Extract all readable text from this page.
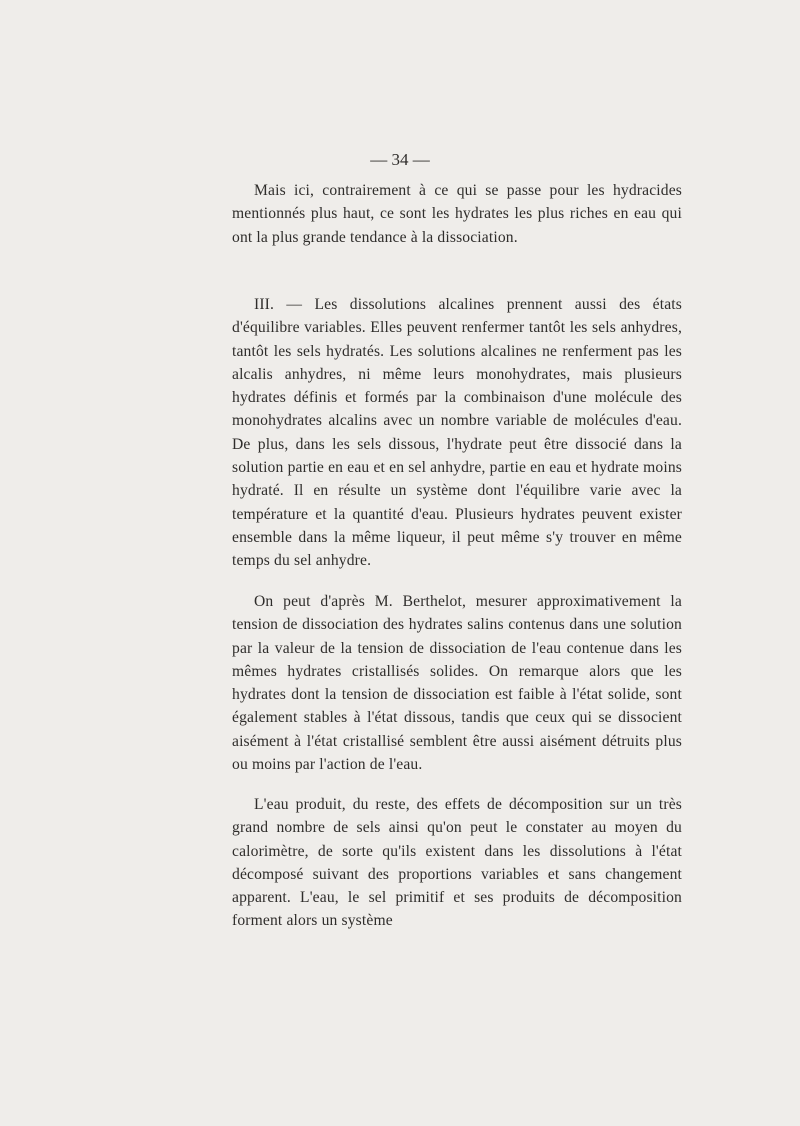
— 34 —

Mais ici, contrairement à ce qui se passe pour les hydracides mentionnés plus haut, ce sont les hydrates les plus riches en eau qui ont la plus grande tendance à la dissociation.

III. — Les dissolutions alcalines prennent aussi des états d'équilibre variables. Elles peuvent renfermer tantôt les sels anhydres, tantôt les sels hydratés. Les solutions alcalines ne renferment pas les alcalis anhydres, ni même leurs monohydrates, mais plusieurs hydrates définis et formés par la combinaison d'une molécule des monohydrates alcalins avec un nombre variable de molécules d'eau. De plus, dans les sels dissous, l'hydrate peut être dissocié dans la solution partie en eau et en sel anhydre, partie en eau et hydrate moins hydraté. Il en résulte un système dont l'équilibre varie avec la température et la quantité d'eau. Plusieurs hydrates peuvent exister ensemble dans la même liqueur, il peut même s'y trouver en même temps du sel anhydre.

On peut d'après M. Berthelot, mesurer approximativement la tension de dissociation des hydrates salins contenus dans une solution par la valeur de la tension de dissociation de l'eau contenue dans les mêmes hydrates cristallisés solides. On remarque alors que les hydrates dont la tension de dissociation est faible à l'état solide, sont également stables à l'état dissous, tandis que ceux qui se dissocient aisément à l'état cristallisé semblent être aussi aisément détruits plus ou moins par l'action de l'eau.

L'eau produit, du reste, des effets de décomposition sur un très grand nombre de sels ainsi qu'on peut le constater au moyen du calorimètre, de sorte qu'ils existent dans les dissolutions à l'état décomposé suivant des proportions variables et sans changement apparent. L'eau, le sel primitif et ses produits de décomposition forment alors un système
